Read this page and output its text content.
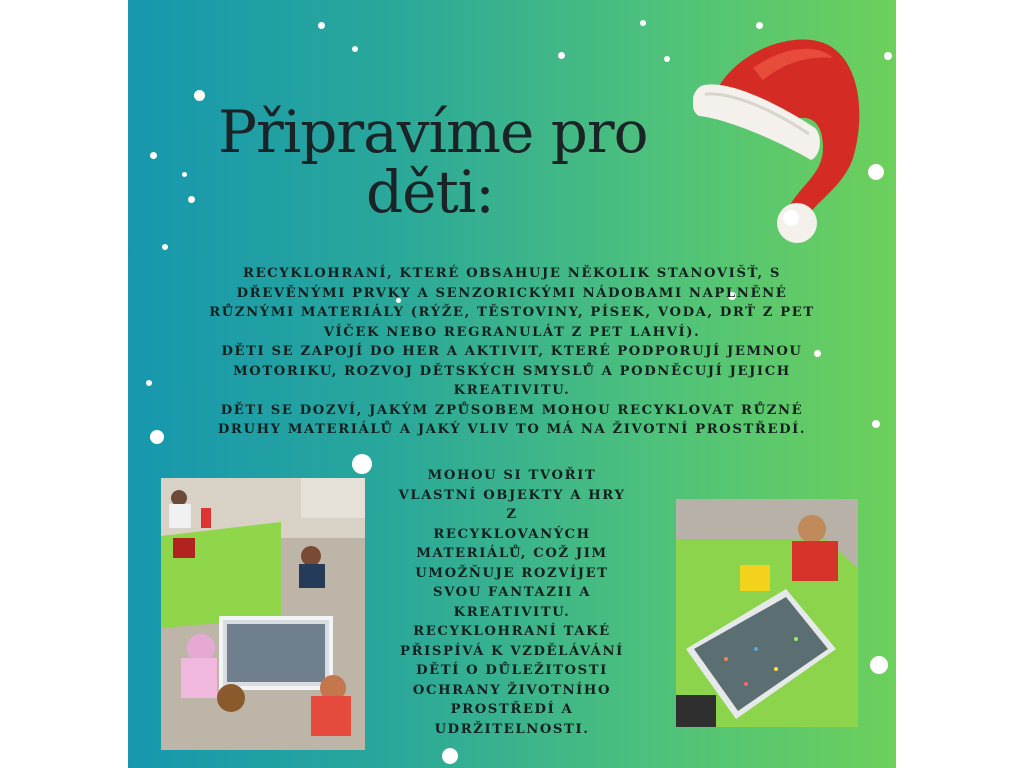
Připravíme pro
děti:
RECYKLOHRANÍ, KTERÉ OBSAHUJE NĚKOLIK STANOVIŠŤ, S
DŘEVĚNÝMI PRVKY A SENZORICKÝMI NÁDOBAMI NAPLNĚNÉ
RŮZNÝMI MATERIÁLY (RÝŽE, TĚSTOVINY, PÍSEK, VODA, DRŤ Z PET
VÍČEK NEBO REGRANULÁT Z PET LAHVÍ).
DĚTI SE ZAPOJÍ DO HER A AKTIVIT, KTERÉ PODPORUJÍ JEMNOU
MOTORIKU, ROZVOJ DĚTSKÝCH SMYSLŮ A PODNĚCUJÍ JEJICH
KREATIVITU.
DĚTI SE DOZVÍ, JAKÝM ZPŮSOBEM MOHOU RECYKLOVAT RŮZNÉ
DRUHY MATERIÁLŮ A JAKÝ VLIV TO MÁ NA ŽIVOTNÍ PROSTŘEDÍ.
MOHOU SI TVOŘIT
VLASTNÍ OBJEKTY A HRY Z
RECYKLOVANÝCH
MATERIÁLŮ, COŽ JIM
UMOŽŇUJE ROZVÍJET
SVOU FANTAZII A
KREATIVITU.
RECYKLOHRANÍ TAKÉ
PŘISPÍVÁ K VZDĚLÁVÁNÍ
DĚTÍ O DŮLEŽITOSTI
OCHRANY ŽIVOTNÍHO
PROSTŘEDÍ A
UDRŽITELNOSTI.
